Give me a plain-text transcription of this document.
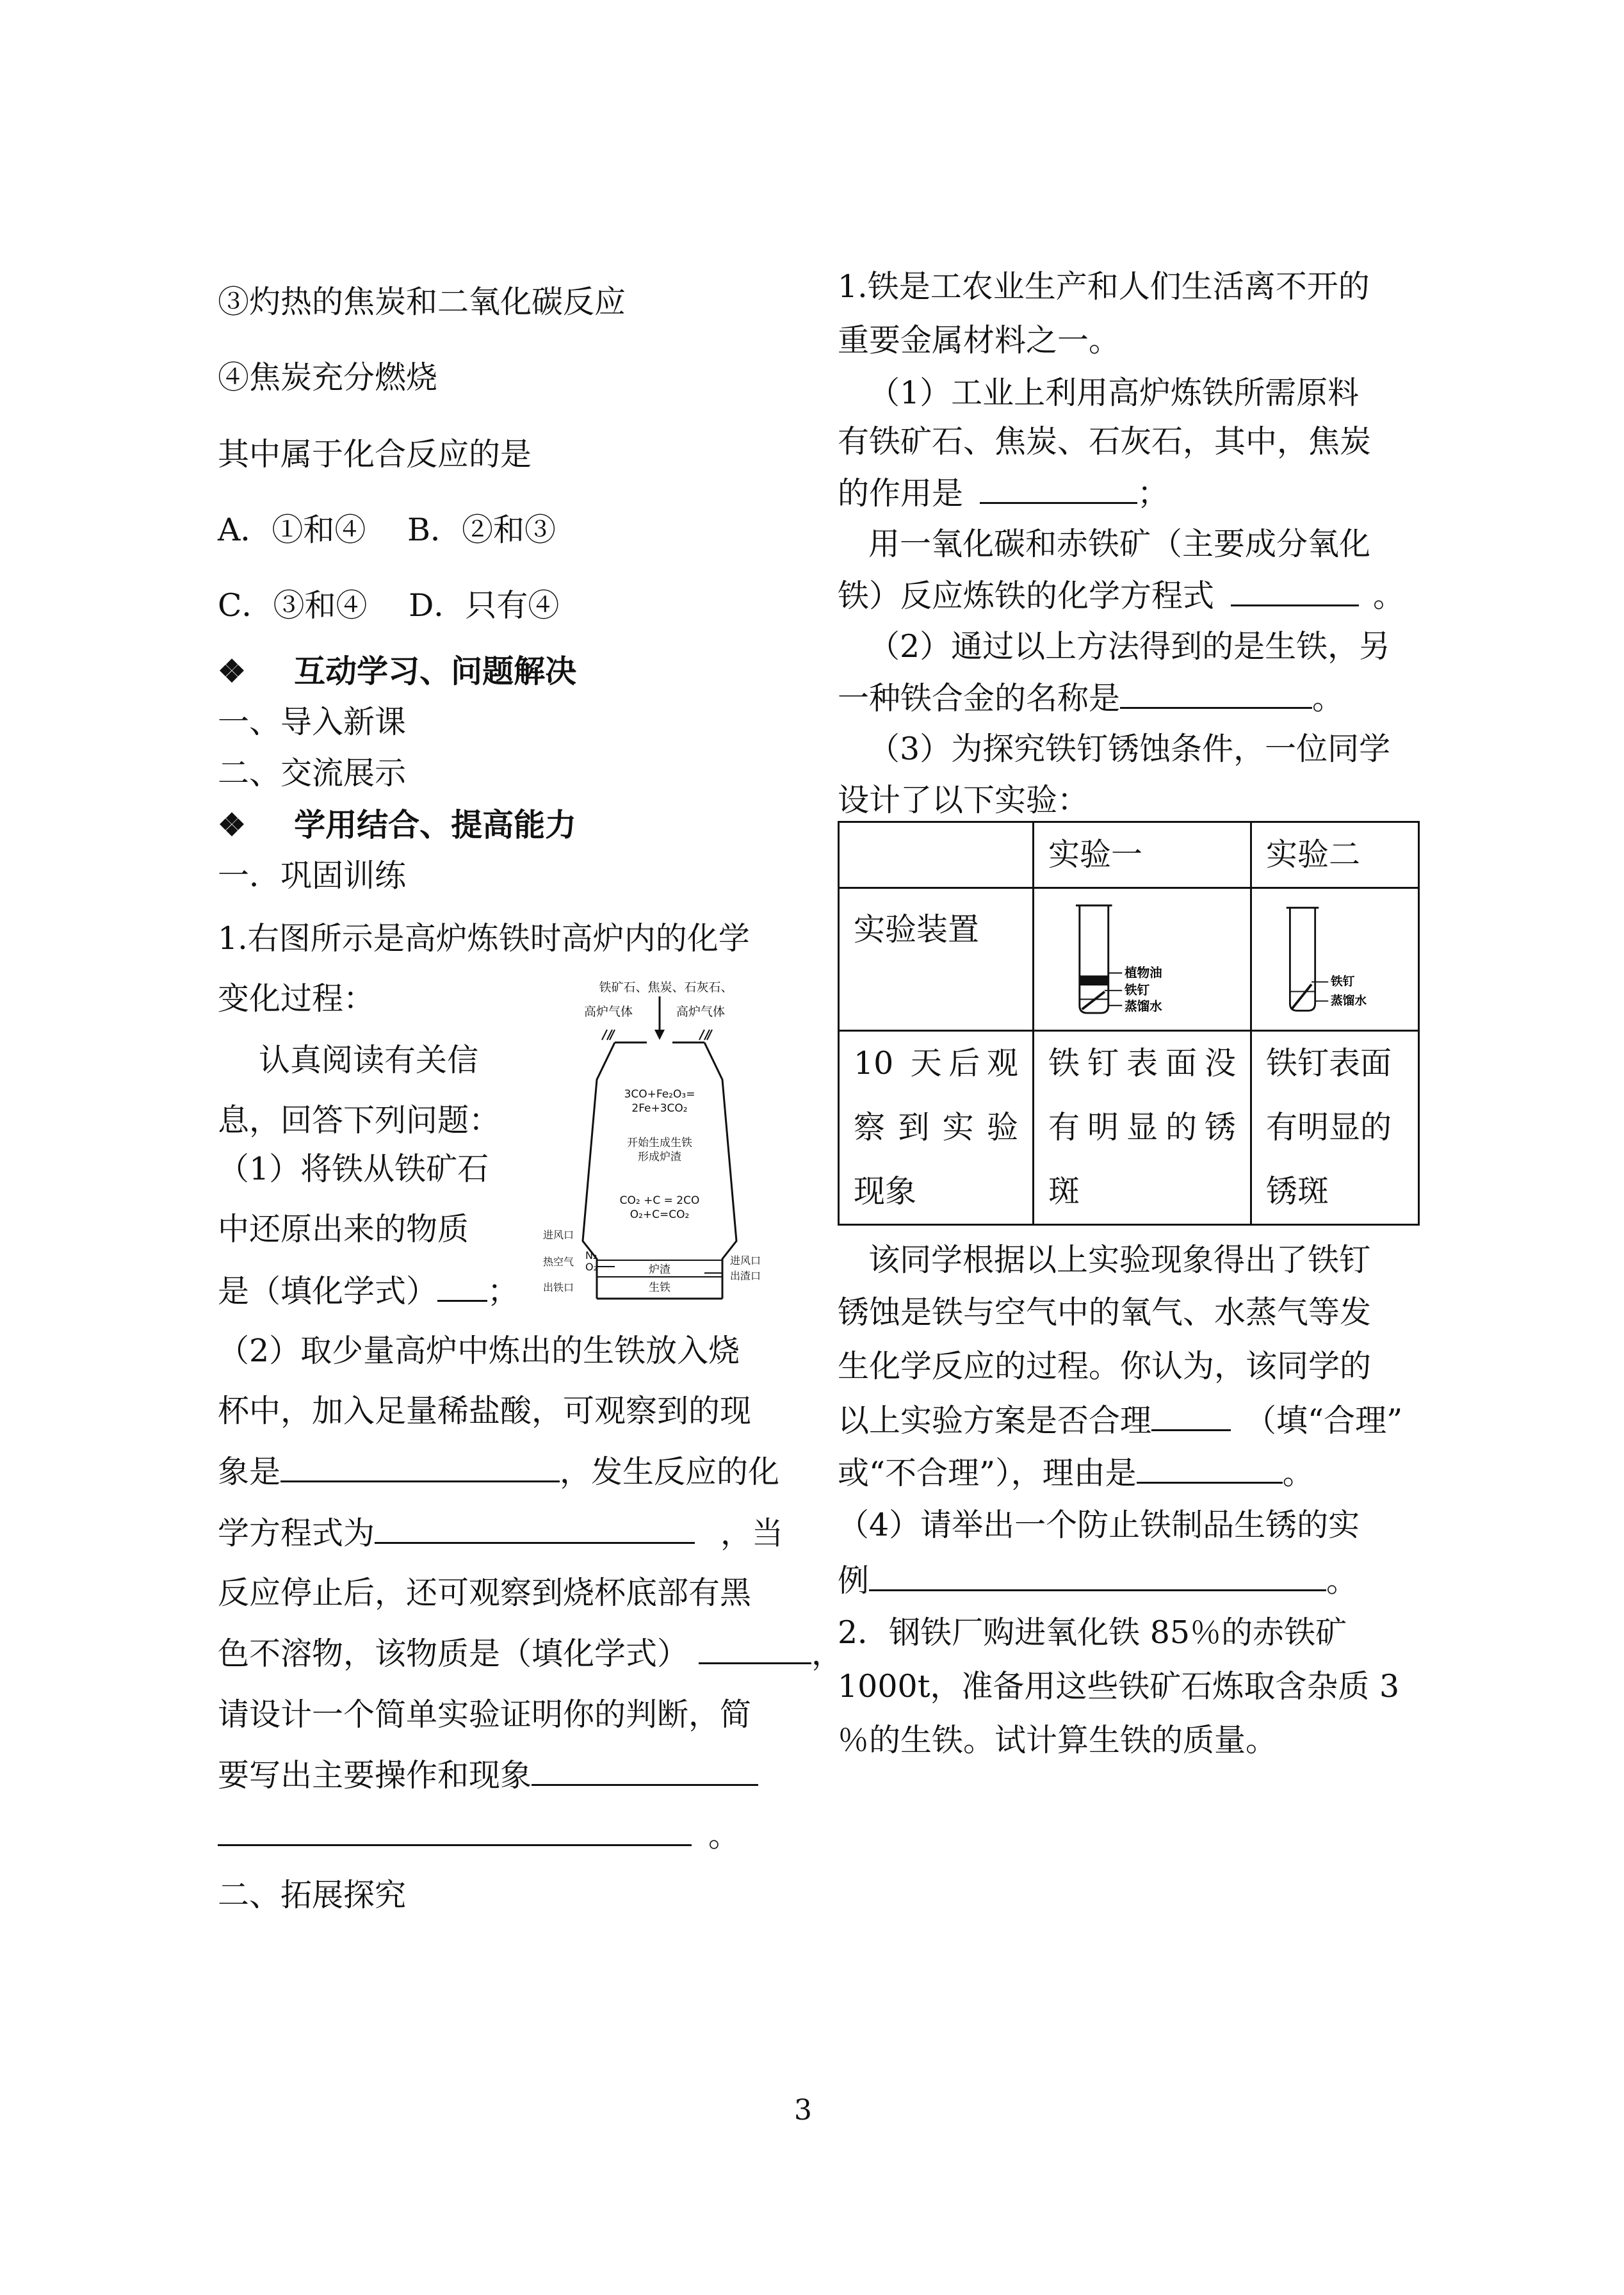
③灼热的焦炭和二氧化碳反应
④焦炭充分燃烧
其中属于化合反应的是
A．①和④　 B．②和③
C．③和④　 D．只有④
❖ 互动学习、问题解决
一、导入新课
二、交流展示
❖ 学用结合、提高能力
一．巩固训练
1.右图所示是高炉炼铁时高炉内的化学
变化过程：
认真阅读有关信
息，回答下列问题：
（1）将铁从铁矿石
中还原出来的物质
是（填化学式） ；
（2）取少量高炉中炼出的生铁放入烧
杯中，加入足量稀盐酸，可观察到的现
象是	，发生反应的化
学方程式为	，当
反应停止后，还可观察到烧杯底部有黑
色不溶物，该物质是（填化学式）	，
请设计一个简单实验证明你的判断，简
要写出主要操作和现象
。
二、拓展探究
铁矿石、焦炭、石灰石、
高炉气体	高炉气体
3CO+Fe₂O₃=
2Fe+3CO₂
开始生成生铁
形成炉渣
CO₂ +C = 2CO
O₂+C=CO₂
进风口
热空气
出铁口
N₂
O₂
进风口
出渣口
炉渣
生铁
1.铁是工农业生产和人们生活离不开的
重要金属材料之一。
（1）工业上利用高炉炼铁所需原料
有铁矿石、焦炭、石灰石，其中，焦炭
的作用是	；
用一氧化碳和赤铁矿（主要成分氧化
铁）反应炼铁的化学方程式	。
（2）通过以上方法得到的是生铁，另
一种铁合金的名称是	。
（3）为探究铁钉锈蚀条件，一位同学
设计了以下实验：
	实验一	实验二
实验装置	植物油
铁钉
蒸馏水	铁钉
蒸馏水

10 天后观
察到实验
现象	铁钉表面没
有明显的锈
斑	铁钉表面
有明显的
锈斑
该同学根据以上实验现象得出了铁钉
锈蚀是铁与空气中的氧气、水蒸气等发
生化学反应的过程。你认为，该同学的
以上实验方案是否合理	（填“合理”
或“不合理”），理由是	。
（4）请举出一个防止铁制品生锈的实
例	。
2．钢铁厂购进氧化铁 85％的赤铁矿
1000t，准备用这些铁矿石炼取含杂质 3
％的生铁。试计算生铁的质量。
3
